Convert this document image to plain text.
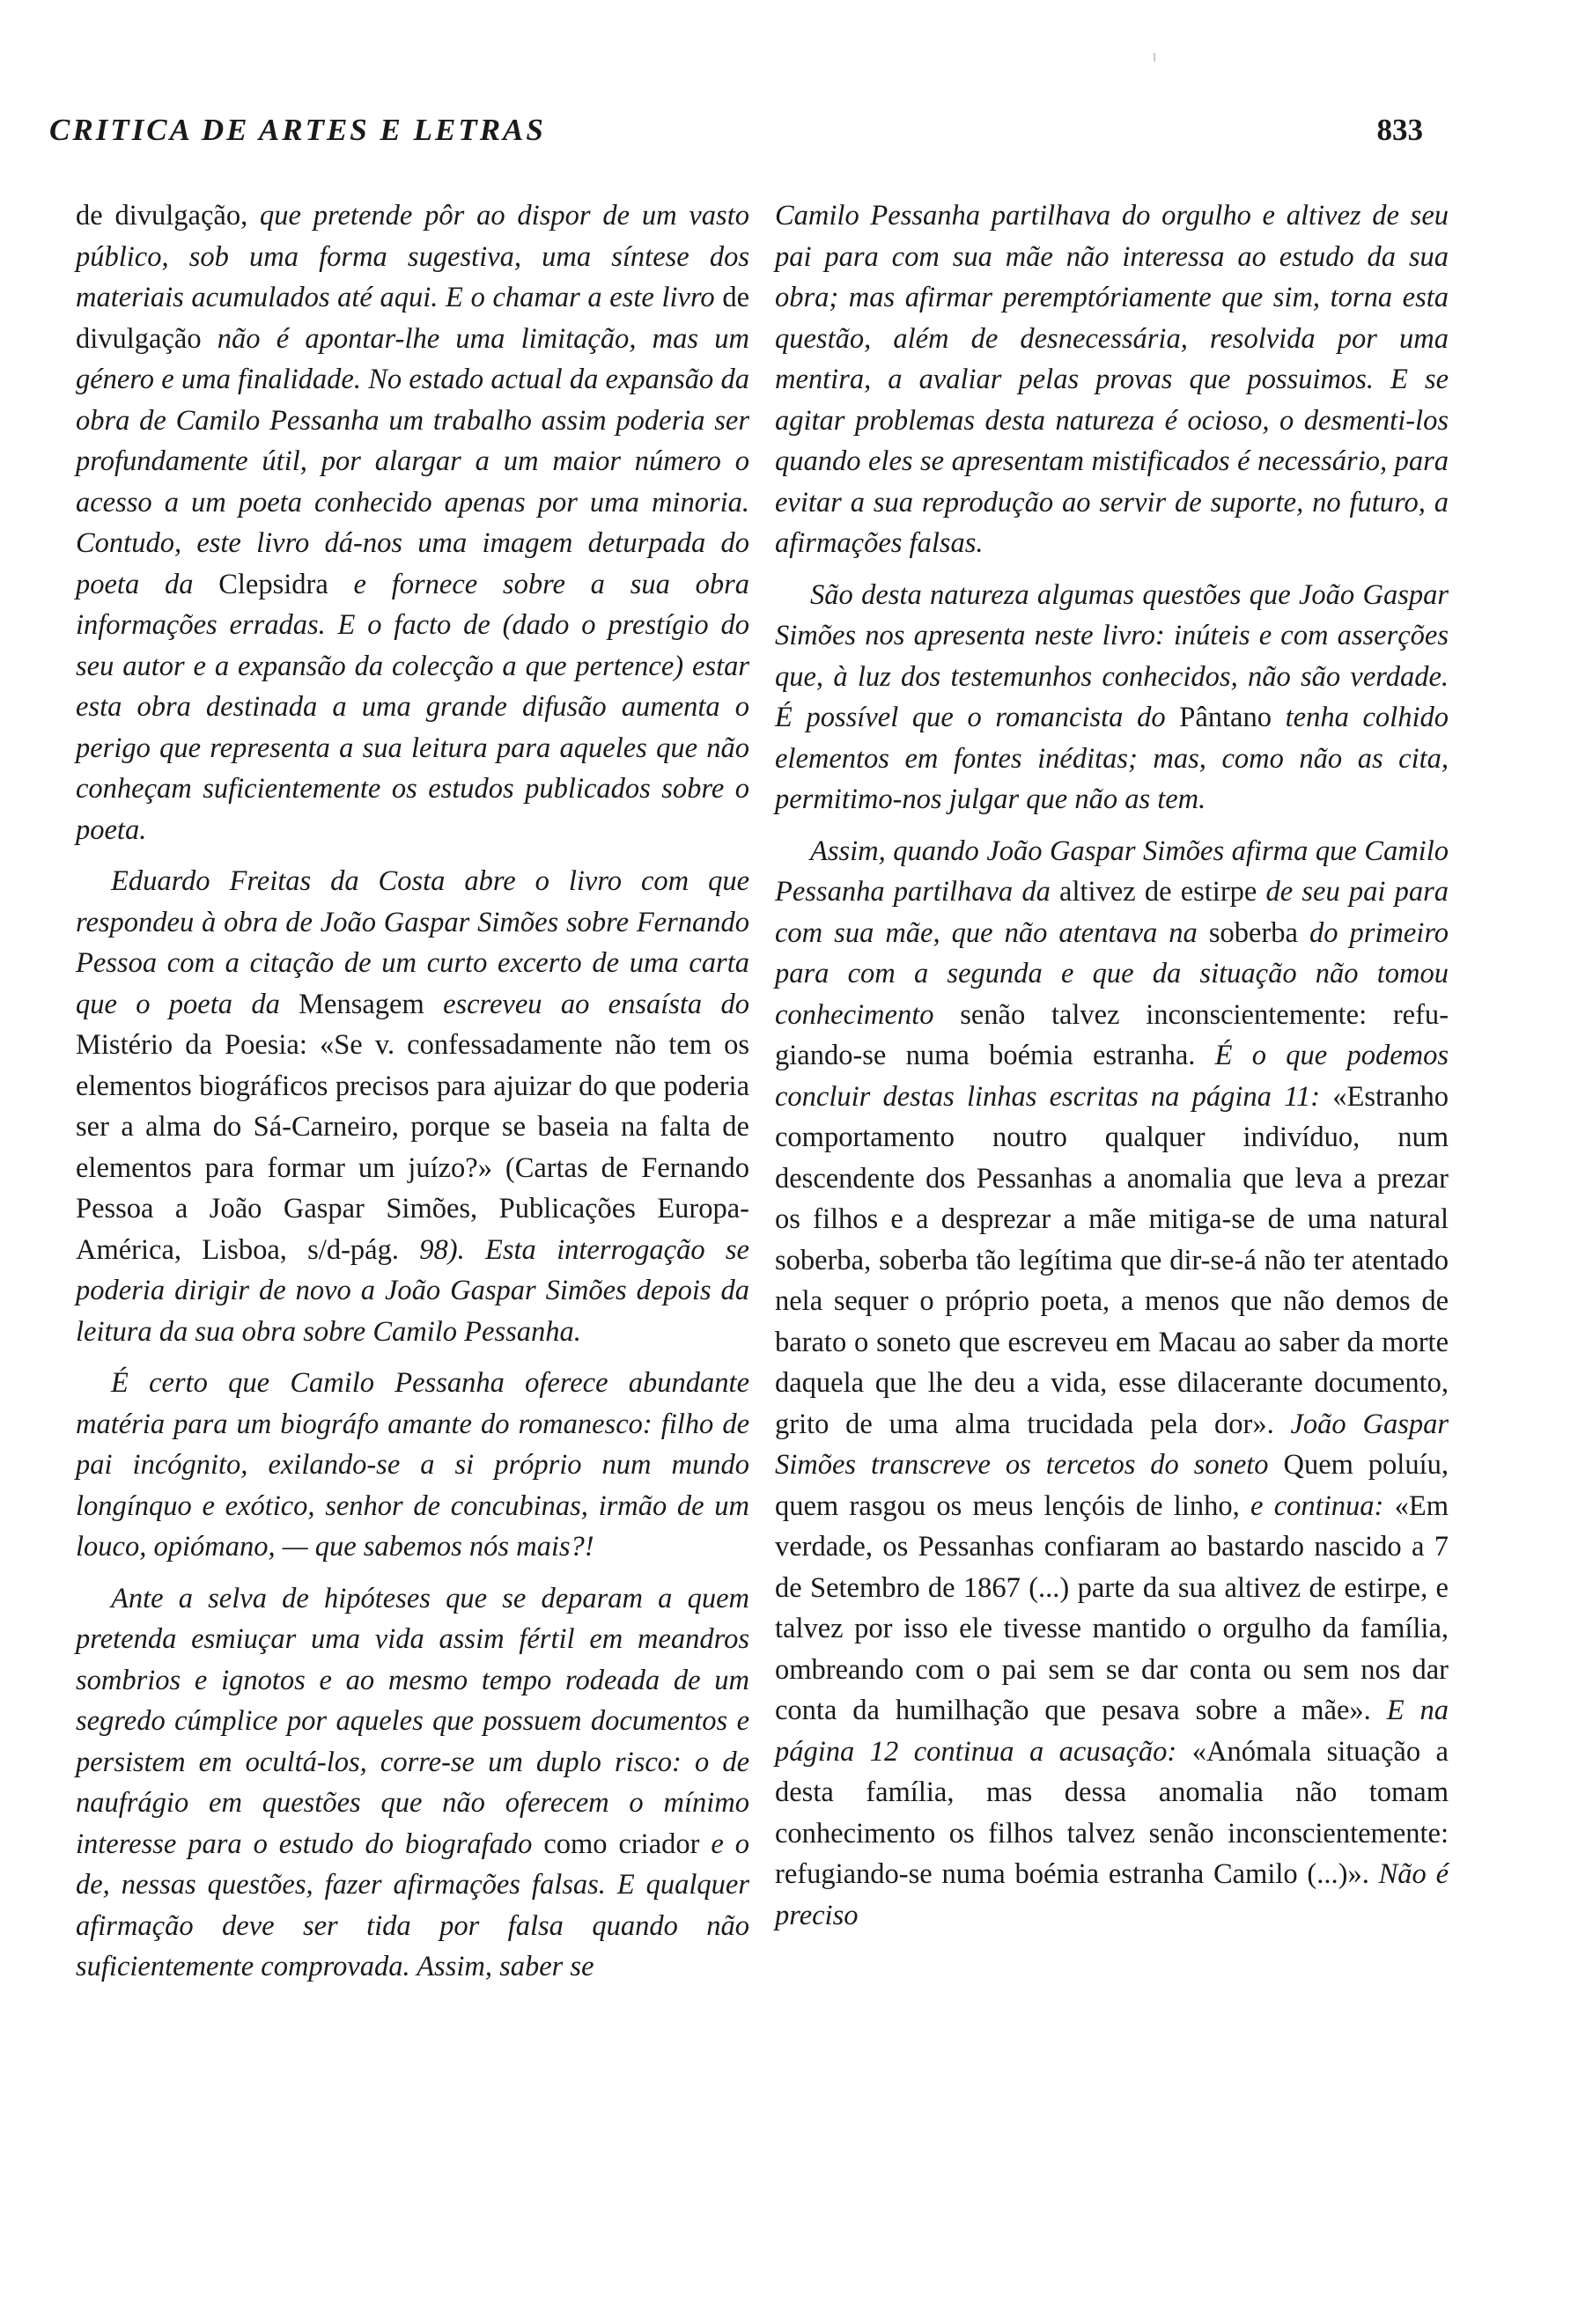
CRITICA DE ARTES E LETRAS	833

de divulgação, que pretende pôr ao dispor de um vasto público, sob uma forma sugestiva, uma síntese dos materiais acumulados até aqui. E o chamar a este livro de divulgação não é apontar-lhe uma limitação, mas um género e uma finalidade. No estado actual da expansão da obra de Camilo Pessanha um trabalho assim poderia ser profundamente útil, por alargar a um maior número o acesso a um poeta conhecido apenas por uma minoria. Contudo, este livro dá-nos uma imagem deturpada do poeta da Clepsidra e fornece sobre a sua obra informações erradas. E o facto de (dado o prestígio do seu autor e a expansão da colecção a que pertence) estar esta obra destinada a uma grande difusão aumenta o perigo que representa a sua leitura para aqueles que não conheçam suficientemente os estudos publicados sobre o poeta.

Eduardo Freitas da Costa abre o livro com que respondeu à obra de João Gaspar Simões sobre Fernando Pessoa com a citação de um curto excerto de uma carta que o poeta da Mensagem escreveu ao ensaísta do Mistério da Poesia: «Se v. confessadamente não tem os elementos biográficos precisos para ajuizar do que poderia ser a alma do Sá-Carneiro, porque se baseia na falta de elementos para formar um juízo?» (Cartas de Fernando Pessoa a João Gaspar Simões, Publicações Europa-América, Lisboa, s/d-pág. 98). Esta interrogação se poderia dirigir de novo a João Gaspar Simões depois da leitura da sua obra sobre Camilo Pessanha.

É certo que Camilo Pessanha oferece abundante matéria para um biográfo amante do romanesco: filho de pai incógnito, exilando-se a si próprio num mundo longínquo e exótico, senhor de concubinas, irmão de um louco, opiómano, — que sabemos nós mais?!

Ante a selva de hipóteses que se deparam a quem pretenda esmiuçar uma vida assim fértil em meandros sombrios e ignotos e ao mesmo tempo rodeada de um segredo cúmplice por aqueles que possuem documentos e persistem em ocultá-los, corre-se um duplo risco: o de naufrágio em questões que não oferecem o mínimo interesse para o estudo do biografado como criador e o de, nessas questões, fazer afirmações falsas. E qualquer afirmação deve ser tida por falsa quando não suficientemente comprovada. Assim, saber se

Camilo Pessanha partilhava do orgulho e altivez de seu pai para com sua mãe não interessa ao estudo da sua obra; mas afirmar peremptóriamente que sim, torna esta questão, além de desnecessária, resolvida por uma mentira, a avaliar pelas provas que possuimos. E se agitar problemas desta natureza é ocioso, o desmenti-los quando eles se apresentam mistificados é necessário, para evitar a sua reprodução ao servir de suporte, no futuro, a afirmações falsas.

São desta natureza algumas questões que João Gaspar Simões nos apresenta neste livro: inúteis e com asserções que, à luz dos testemunhos conhecidos, não são verdade. É possível que o romancista do Pântano tenha colhido elementos em fontes inéditas; mas, como não as cita, permitimo-nos julgar que não as tem.

Assim, quando João Gaspar Simões afirma que Camilo Pessanha partilhava da altivez de estirpe de seu pai para com sua mãe, que não atentava na soberba do primeiro para com a segunda e que da situação não tomou conhecimento senão talvez inconscientemente: refugiando-se numa boémia estranha. É o que podemos concluir destas linhas escritas na página 11: «Estranho comportamento noutro qualquer indivíduo, num descendente dos Pessanhas a anomalia que leva a prezar os filhos e a desprezar a mãe mitiga-se de uma natural soberba, soberba tão legítima que dir-se-á não ter atentado nela sequer o próprio poeta, a menos que não demos de barato o soneto que escreveu em Macau ao saber da morte daquela que lhe deu a vida, esse dilacerante documento, grito de uma alma trucidada pela dor». João Gaspar Simões transcreve os tercetos do soneto Quem poluíu, quem rasgou os meus lençóis de linho, e continua: «Em verdade, os Pessanhas confiaram ao bastardo nascido a 7 de Setembro de 1867 (...) parte da sua altivez de estirpe, e talvez por isso ele tivesse mantido o orgulho da família, ombreando com o pai sem se dar conta ou sem nos dar conta da humilhação que pesava sobre a mãe». E na página 12 continua a acusação: «Anómala situação a desta família, mas dessa anomalia não tomam conhecimento os filhos talvez senão inconscientemente: refugiando-se numa boémia estranha Camilo (...)». Não é preciso
